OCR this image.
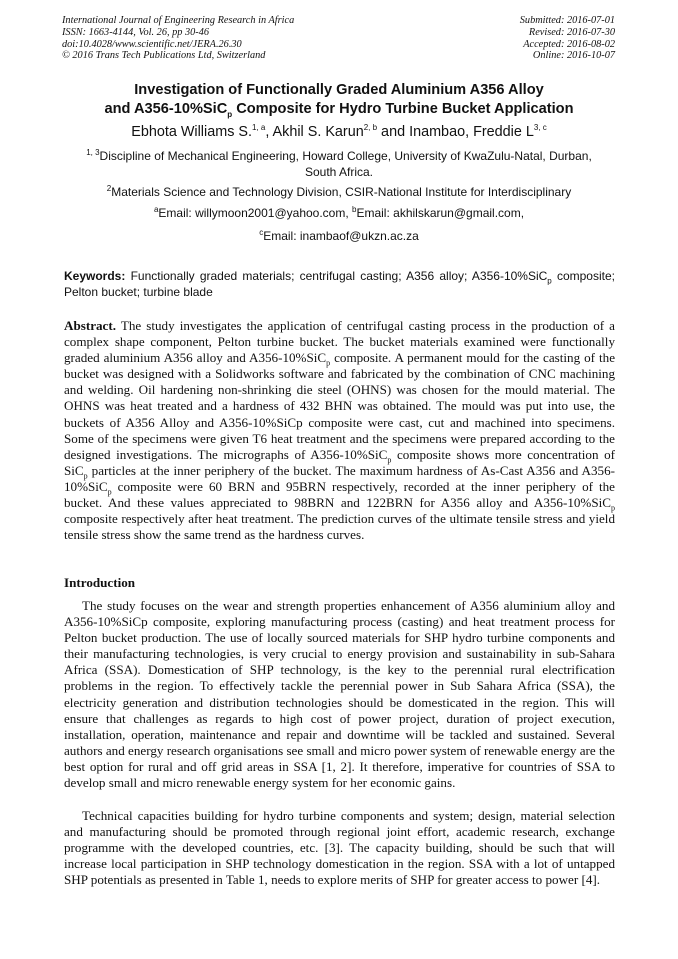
International Journal of Engineering Research in Africa
ISSN: 1663-4144, Vol. 26, pp 30-46
doi:10.4028/www.scientific.net/JERA.26.30
© 2016 Trans Tech Publications Ltd, Switzerland
Submitted: 2016-07-01
Revised: 2016-07-30
Accepted: 2016-08-02
Online: 2016-10-07
Investigation of Functionally Graded Aluminium A356 Alloy
and A356-10%SiC$_p$ Composite for Hydro Turbine Bucket Application
Ebhota Williams S.$^{1, a}$, Akhil S. Karun$^{2, b}$ and Inambao, Freddie L$^{3, c}$
$^{1, 3}$Discipline of Mechanical Engineering, Howard College, University of KwaZulu-Natal, Durban,
South Africa.
$^2$Materials Science and Technology Division, CSIR-National Institute for Interdisciplinary
$^a$Email: willymoon2001@yahoo.com, $^b$Email: akhilskarun@gmail.com,
$^c$Email: inambaof@ukzn.ac.za
Keywords: Functionally graded materials; centrifugal casting; A356 alloy; A356-10%SiC$_p$ composite; Pelton bucket; turbine blade
Abstract. The study investigates the application of centrifugal casting process in the production of a complex shape component, Pelton turbine bucket. The bucket materials examined were functionally graded aluminium A356 alloy and A356-10%SiC$_p$ composite. A permanent mould for the casting of the bucket was designed with a Solidworks software and fabricated by the combination of CNC machining and welding. Oil hardening non-shrinking die steel (OHNS) was chosen for the mould material. The OHNS was heat treated and a hardness of 432 BHN was obtained. The mould was put into use, the buckets of A356 Alloy and A356-10%SiCp composite were cast, cut and machined into specimens. Some of the specimens were given T6 heat treatment and the specimens were prepared according to the designed investigations. The micrographs of A356-10%SiC$_p$ composite shows more concentration of SiC$_p$ particles at the inner periphery of the bucket. The maximum hardness of As-Cast A356 and A356-10%SiC$_p$ composite were 60 BRN and 95BRN respectively, recorded at the inner periphery of the bucket. And these values appreciated to 98BRN and 122BRN for A356 alloy and A356-10%SiC$_p$ composite respectively after heat treatment. The prediction curves of the ultimate tensile stress and yield tensile stress show the same trend as the hardness curves.
Introduction
The study focuses on the wear and strength properties enhancement of A356 aluminium alloy and A356-10%SiCp composite, exploring manufacturing process (casting) and heat treatment process for Pelton bucket production. The use of locally sourced materials for SHP hydro turbine components and their manufacturing technologies, is very crucial to energy provision and sustainability in sub-Sahara Africa (SSA). Domestication of SHP technology, is the key to the perennial rural electrification problems in the region. To effectively tackle the perennial power in Sub Sahara Africa (SSA), the electricity generation and distribution technologies should be domesticated in the region. This will ensure that challenges as regards to high cost of power project, duration of project execution, installation, operation, maintenance and repair and downtime will be tackled and sustained. Several authors and energy research organisations see small and micro power system of renewable energy are the best option for rural and off grid areas in SSA [1, 2]. It therefore, imperative for countries of SSA to develop small and micro renewable energy system for her economic gains.
Technical capacities building for hydro turbine components and system; design, material selection and manufacturing should be promoted through regional joint effort, academic research, exchange programme with the developed countries, etc. [3]. The capacity building, should be such that will increase local participation in SHP technology domestication in the region. SSA with a lot of untapped SHP potentials as presented in Table 1, needs to explore merits of SHP for greater access to power [4].
